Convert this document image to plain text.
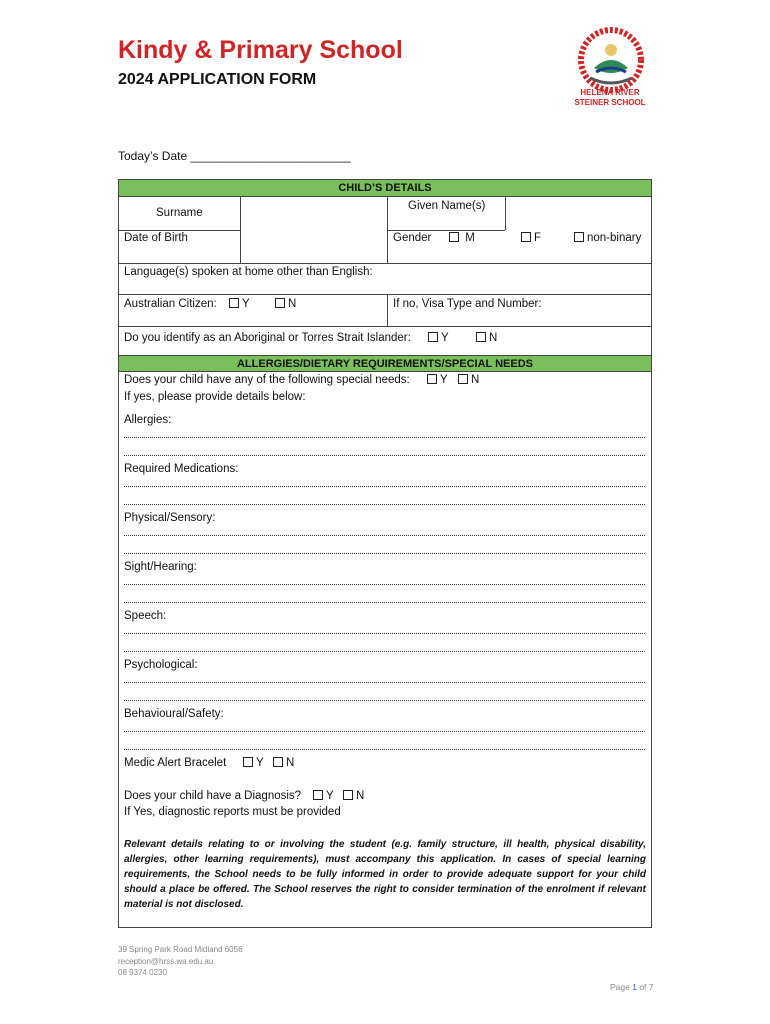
Kindy & Primary School
2024 APPLICATION FORM
HELENA RIVER
STEINER SCHOOL
Today’s Date ________________________
CHILD’S DETAILS
Surname
Given Name(s)
Date of Birth	Gender	M	F	non-binary
Language(s) spoken at home other than English:
Australian Citizen:	Y	N	If no, Visa Type and Number:
Do you identify as an Aboriginal or Torres Strait Islander:	Y	N
ALLERGIES/DIETARY REQUIREMENTS/SPECIAL NEEDS
Does your child have any of the following special needs:	Y	N
If yes, please provide details below:
Allergies:
Required Medications:
Physical/Sensory:
Sight/Hearing:
Speech:
Psychological:
Behavioural/Safety:
Medic Alert Bracelet	Y	N
Does your child have a Diagnosis?	Y	N
If Yes, diagnostic reports must be provided
Relevant details relating to or involving the student (e.g. family structure, ill health, physical disability, allergies, other learning requirements), must accompany this application. In cases of special learning requirements, the School needs to be fully informed in order to provide adequate support for your child should a place be offered. The School reserves the right to consider termination of the enrolment if relevant material is not disclosed.
39 Spring Park Road Midland 6056
reception@hrss.wa.edu.au
08 9374 0230
Page 1 of 7
